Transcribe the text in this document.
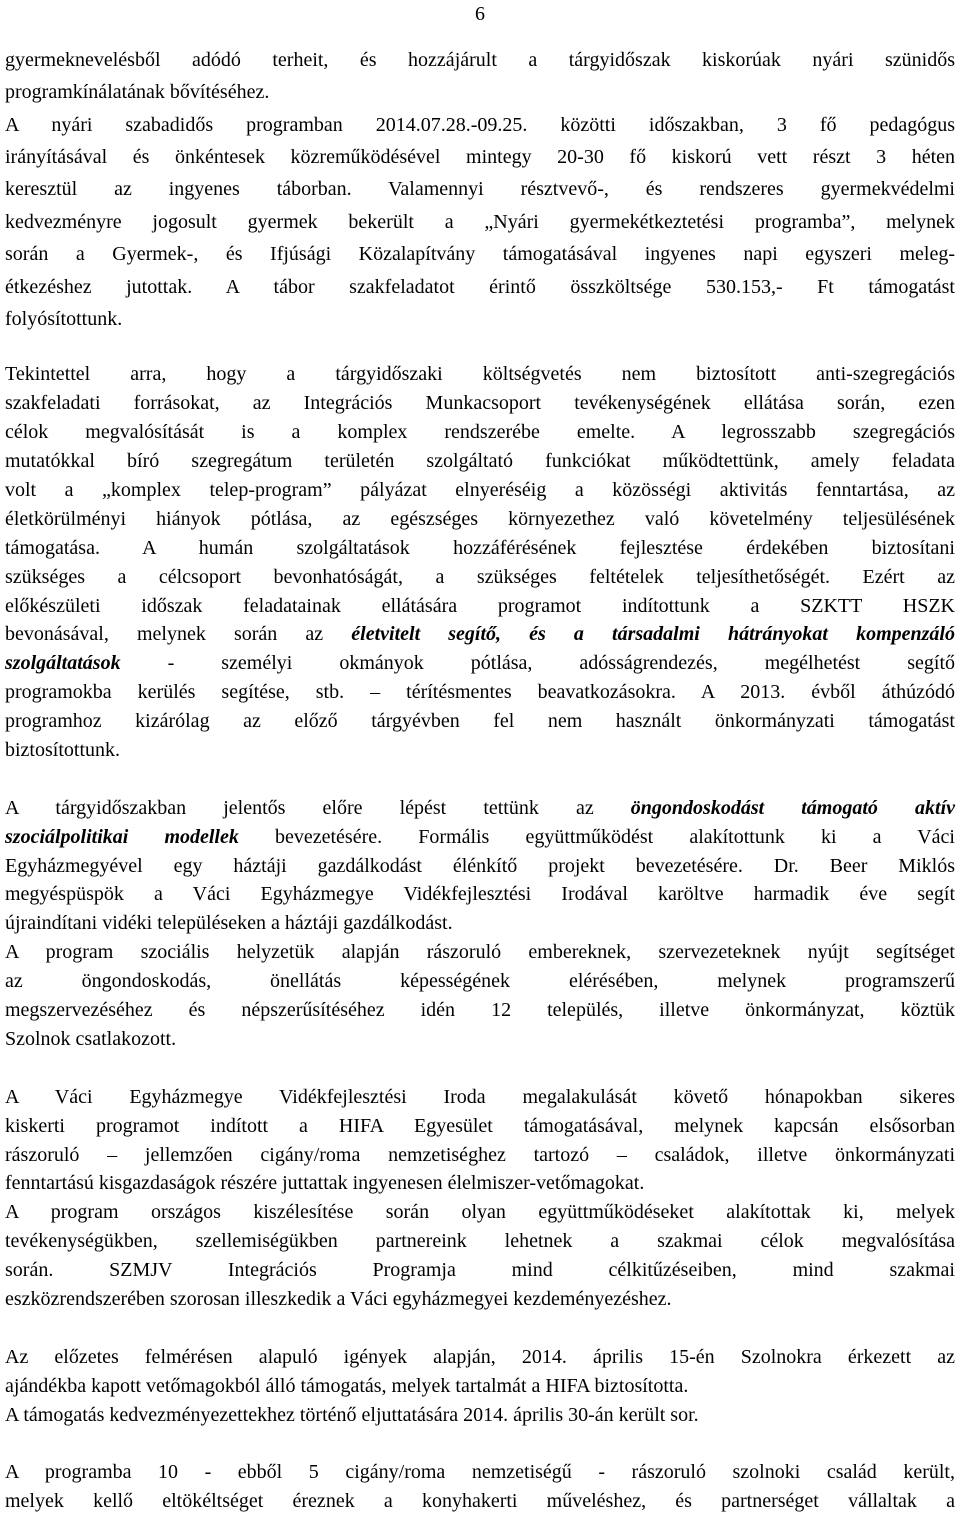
6
gyermeknevelésből adódó terheit, és hozzájárult a tárgyidőszak kiskorúak nyári szünidős
programkínálatának bővítéséhez.
A nyári szabadidős programban 2014.07.28.-09.25. közötti időszakban, 3 fő pedagógus
irányításával és önkéntesek közreműködésével mintegy 20-30 fő kiskorú vett részt 3 héten
keresztül az ingyenes táborban. Valamennyi résztvevő-, és rendszeres gyermekvédelmi
kedvezményre jogosult gyermek bekerült a „Nyári gyermekétkeztetési programba”, melynek
során a Gyermek-, és Ifjúsági Közalapítvány támogatásával ingyenes napi egyszeri meleg-
étkezéshez jutottak. A tábor szakfeladatot érintő összköltsége 530.153,- Ft támogatást
folyósítottunk.
Tekintettel arra, hogy a tárgyidőszaki költségvetés nem biztosított anti-szegregációs
szakfeladati forrásokat, az Integrációs Munkacsoport tevékenységének ellátása során, ezen
célok megvalósítását is a komplex rendszerébe emelte. A legrosszabb szegregációs
mutatókkal bíró szegregátum területén szolgáltató funkciókat működtettünk, amely feladata
volt a „komplex telep-program” pályázat elnyeréséig a közösségi aktivitás fenntartása, az
életkörülményi hiányok pótlása, az egészséges környezethez való követelmény teljesülésének
támogatása. A humán szolgáltatások hozzáférésének fejlesztése érdekében biztosítani
szükséges a célcsoport bevonhatóságát, a szükséges feltételek teljesíthetőségét. Ezért az
előkészületi időszak feladatainak ellátására programot indítottunk a SZKTT HSZK
bevonásával, melynek során az életvitelt segítő, és a társadalmi hátrányokat kompenzáló
szolgáltatások - személyi okmányok pótlása, adósságrendezés, megélhetést segítő
programokba kerülés segítése, stb. – térítésmentes beavatkozásokra. A 2013. évből áthúzódó
programhoz kizárólag az előző tárgyévben fel nem használt önkormányzati támogatást
biztosítottunk.
A tárgyidőszakban jelentős előre lépést tettünk az öngondoskodást támogató aktív
szociálpolitikai modellek bevezetésére. Formális együttműködést alakítottunk ki a Váci
Egyházmegyével egy háztáji gazdálkodást élénkítő projekt bevezetésére. Dr. Beer Miklós
megyéspüspök a Váci Egyházmegye Vidékfejlesztési Irodával karöltve harmadik éve segít
újraindítani vidéki településeken a háztáji gazdálkodást.
A program szociális helyzetük alapján rászoruló embereknek, szervezeteknek nyújt segítséget
az öngondoskodás, önellátás képességének elérésében, melynek programszerű
megszervezéséhez és népszerűsítéséhez idén 12 település, illetve önkormányzat, köztük
Szolnok csatlakozott.
A Váci Egyházmegye Vidékfejlesztési Iroda megalakulását követő hónapokban sikeres
kiskerti programot indított a HIFA Egyesület támogatásával, melynek kapcsán elsősorban
rászoruló – jellemzően cigány/roma nemzetiséghez tartozó – családok, illetve önkormányzati
fenntartású kisgazdaságok részére juttattak ingyenesen élelmiszer-vetőmagokat.
A program országos kiszélesítése során olyan együttműködéseket alakítottak ki, melyek
tevékenységükben, szellemiségükben partnereink lehetnek a szakmai célok megvalósítása
során. SZMJV Integrációs Programja mind célkitűzéseiben, mind szakmai
eszközrendszerében szorosan illeszkedik a Váci egyházmegyei kezdeményezéshez.
Az előzetes felmérésen alapuló igények alapján, 2014. április 15-én Szolnokra érkezett az
ajándékba kapott vetőmagokból álló támogatás, melyek tartalmát a HIFA biztosította.
A támogatás kedvezményezettekhez történő eljuttatására 2014. április 30-án került sor.
A programba 10 - ebből 5 cigány/roma nemzetiségű - rászoruló szolnoki család került,
melyek kellő eltökéltséget éreznek a konyhakerti műveléshez, és partnerséget vállaltak a
